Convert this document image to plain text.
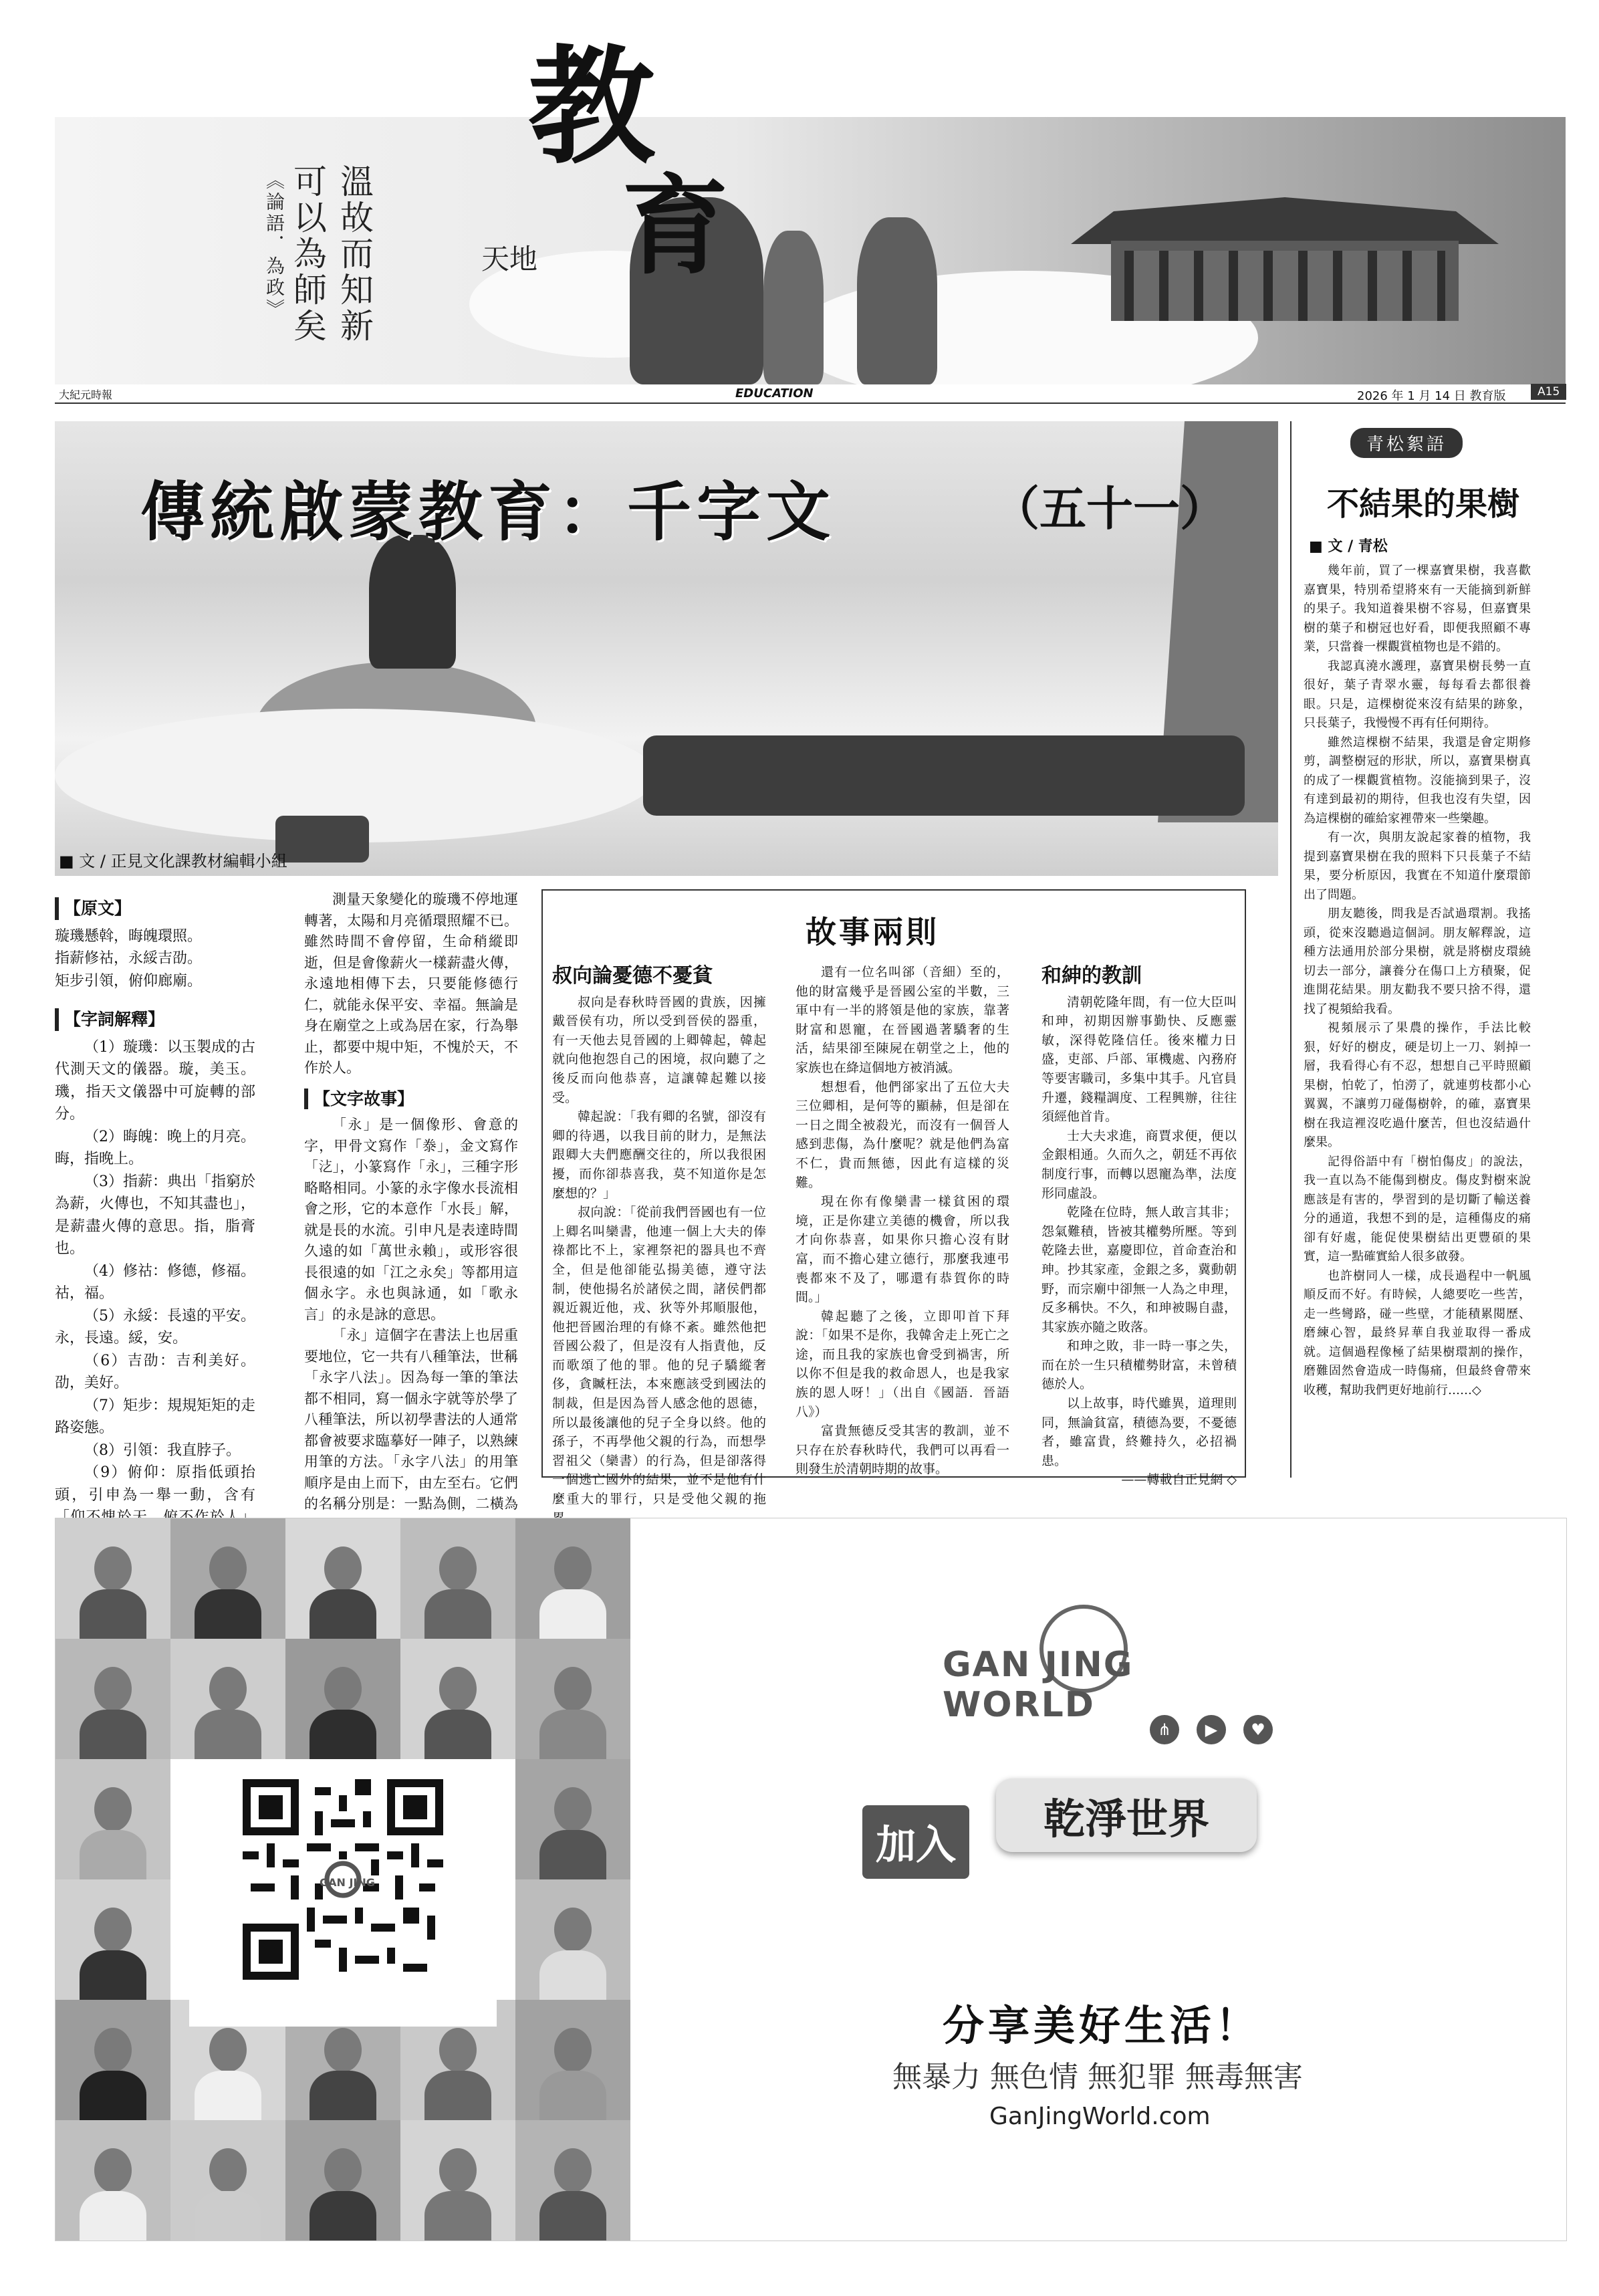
溫故而知新
可以為師矣
《論語．為政》
教
育
天地
大紀元時報	EDUCATION	2026 年 1 月 14 日 教育版	A15
傳統啟蒙教育：千字文	（五十一）
■ 文 / 正見文化課教材編輯小組
【原文】

璇璣懸斡，晦魄環照。

指薪修祜，永綏吉劭。

矩步引領，俯仰廊廟。

【字詞解釋】

（1）璇璣：以玉製成的古代測天文的儀器。璇，美玉。璣，指天文儀器中可旋轉的部分。

（2）晦魄：晚上的月亮。晦，指晚上。

（3）指薪：典出「指窮於為薪，火傳也，不知其盡也」，是薪盡火傳的意思。指，脂膏也。

（4）修祜：修德，修福。祜，福。

（5）永綏：長遠的平安。永，長遠。綏，安。

（6）吉劭：吉利美好。劭，美好。

（7）矩步：規規矩矩的走路姿態。

（8）引領：我直脖子。

（9）俯仰：原指低頭抬頭，引申為一舉一動，含有

測量天象變化的璇璣不停地運轉著，太陽和月亮循環照耀不已。雖然時間不會停留，生命稍縱即逝，但是會像薪火一樣薪盡火傳，永遠地相傳下去，只要能修德行仁，就能永保平安、幸福。無論是身在廟堂之上或為居在家，行為舉止，都要中規中矩，不愧於天，不作於人。

【文字故事】

「永」是一個像形、會意的字，甲骨文寫作「𣳾」，金文寫作「𣲁」，小篆寫作「永」，三種字形略略相同。小篆的永字像水長流相會之形，它的本意作「水長」解，就是長的水流。引申凡是表達時間久遠的如「萬世永賴」，或形容很長很遠的如「江之永矣」等都用這個永字。永也與詠通，如「歌永言」的永是詠的意思。

「永」這個字在書法上也居重要地位，它一共有八種筆法，世稱「永字八法」。因為每一筆的筆法都不相同，寫一個永字就等於學了八種筆法，所以初學書法的人通常都會被要求臨摹好一陣子，以熟練用筆的方法。「永字八法」的用筆順序是由上而下，由左至右。它們的名稱分別是：一點為側，二橫為

故事兩則
叔向論憂德不憂貧

叔向是春秋時晉國的貴族，因擁戴晉侯有功，所以受到晉侯的器重，有一天他去見晉國的上卿韓起，韓起就向他抱怨自己的困境，叔向聽了之後反而向他恭喜，這讓韓起難以接受。

韓起說：「我有卿的名號，卻沒有卿的待遇，以我目前的財力，是無法跟卿大夫們應酬交往的，所以我很困擾，而你卻恭喜我，莫不知道你是怎麼想的？」

叔向說：「從前我們晉國也有一位上卿名叫欒書，他連一個上大夫的俸祿都比不上，家裡祭祀的器具也不齊全，但是他卻能弘揚美德，遵守法制，使他揚名於諸侯之間，諸侯們都親近親近他，戎、狄等外邦順服他，他把晉國治理的有條不紊。雖然他把晉國公殺了，但是沒有人指責他，反而歌頌了他的罪。他的兒子驕縱奢侈，貪贓枉法，本來應該受到國法的制裁，但是因為晉人感念他的恩德，所以最後讓他的兒子全身以終。他的孫子，不再學他父親的行為，而想學習祖父（欒書）的行為，但是卻落得一個逃亡國外的結果，並不是他有什麼重大的罪行，只是受他父親的拖

還有一位名叫郤（音細）至的，他的財富幾乎是晉國公室的半數，三軍中有一半的將領是他的家族，靠著財富和恩寵，在晉國過著驕奢的生活，結果卻至陳屍在朝堂之上，他的家族也在絳這個地方被消滅。

想想看，他們郤家出了五位大夫三位卿相，是何等的顯赫，但是卻在一日之間全被殺光，而沒有一個晉人感到悲傷，為什麼呢？就是他們為富不仁，貴而無德，因此有這樣的災難。

現在你有像欒書一樣貧困的環境，正是你建立美德的機會，所以我才向你恭喜，如果你只擔心沒有財富，而不擔心建立德行，那麼我連弔喪都來不及了，哪還有恭賀你的時間。」

韓起聽了之後，立即叩首下拜說：「如果不是你，我韓舍走上死亡之途，而且我的家族也會受到禍害，所以你不但是我的救命恩人，也是我家族的恩人呀！」（出自《國語．晉語八》）

富貴無德反受其害的教訓，並不只存在於春秋時代，我們可以再看一則發生於清朝時期的故事。

和紳的教訓

清朝乾隆年間，有一位大臣叫和珅，初期因辦事勤快、反應靈敏，深得乾隆信任。後來權力日盛，吏部、戶部、軍機處、內務府等要害職司，多集中其手。凡官員升遷，錢糧調度、工程興辦，往往須經他首肯。

士大夫求進，商賈求便，便以金銀相通。久而久之，朝廷不再依制度行事，而轉以恩寵為準，法度形同虛設。

乾隆在位時，無人敢言其非；怨氣難積，皆被其權勢所壓。等到乾隆去世，嘉慶即位，首命查治和珅。抄其家產，金銀之多，冀動朝野，而宗廟中卻無一人為之申理，反多稱快。不久，和珅被賜自盡，其家族亦隨之敗落。

和珅之敗，非一時一事之失，而在於一生只積權勢財富，未曾積德於人。

以上故事，時代雖異，道理則同，無論貧富，積德為要，不憂德者，雖富貴，終難持久，必招禍患。

——轉載自正見網 ◇

青松絮語
不結果的果樹
■ 文 / 青松

幾年前，買了一棵嘉寶果樹，我喜歡嘉寶果，特別希望將來有一天能摘到新鮮的果子。我知道養果樹不容易，但嘉寶果樹的葉子和樹冠也好看，即便我照顧不專業，只當養一棵觀賞植物也是不錯的。

我認真澆水護理，嘉寶果樹長勢一直很好，葉子青翠水靈，每每看去都很養眼。只是，這棵樹從來沒有結果的跡象，只長葉子，我慢慢不再有任何期待。

雖然這棵樹不結果，我還是會定期修剪，調整樹冠的形狀，所以，嘉寶果樹真的成了一棵觀賞植物。沒能摘到果子，沒有達到最初的期待，但我也沒有失望，因為這棵樹的確給家裡帶來一些樂趣。

有一次，與朋友說起家養的植物，我提到嘉寶果樹在我的照料下只長葉子不結果，要分析原因，我實在不知道什麼環節出了問題。

朋友聽後，問我是否試過環割。我搖頭，從來沒聽過這個詞。朋友解釋說，這種方法通用於部分果樹，就是將樹皮環繞切去一部分，讓養分在傷口上方積聚，促進開花結果。朋友勸我不要只捨不得，還找了視頻給我看。

視頻展示了果農的操作，手法比較狠，好好的樹皮，硬是切上一刀、剝掉一層，我看得心有不忍，想想自己平時照顧果樹，怕乾了，怕澇了，就連剪枝都小心翼翼，不讓剪刀碰傷樹幹，的確，嘉寶果樹在我這裡沒吃過什麼苦，但也沒結過什麼果。

記得俗語中有「樹怕傷皮」的說法，我一直以為不能傷到樹皮。傷皮對樹來說應該是有害的，學習到的是切斷了輸送養分的通道，我想不到的是，這種傷皮的痛卻有好處，能促使果樹結出更豐碩的果實，這一點確實給人很多啟發。

也許樹同人一樣，成長過程中一帆風順反而不好。有時候，人總要吃一些苦，走一些彎路，碰一些壁，才能積累閱歷、磨練心智，最終昇華自我並取得一番成就。這個過程像極了結果樹環割的操作，磨難固然會造成一時傷痛，但最終會帶來收穫，幫助我們更好地前行……◇

GAN JING
GAN JING WORLD
⋔	▶	♥
加入
乾淨世界
分享美好生活！
無暴力 無色情 無犯罪 無毒無害
GanJingWorld.com
